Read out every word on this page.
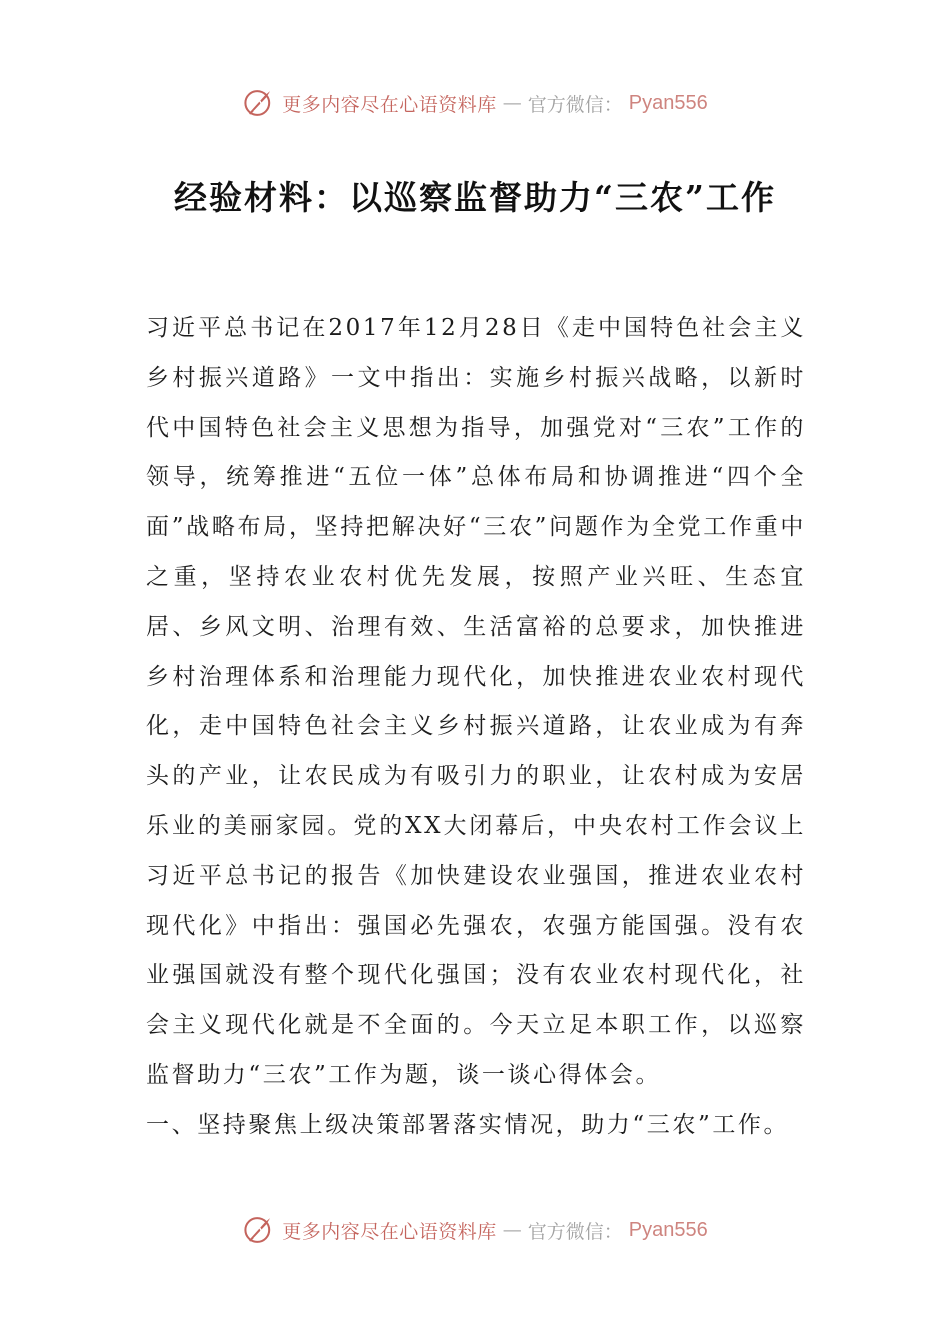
更多内容尽在心语资料库 — 官方微信： Pyan556
经验材料：以巡察监督助力“三农”工作

习近平总书记在2017年12月28日《走中国特色社会主义乡村振兴道路》一文中指出：实施乡村振兴战略，以新时代中国特色社会主义思想为指导，加强党对“三农”工作的领导，统筹推进“五位一体”总体布局和协调推进“四个全面”战略布局，坚持把解决好“三农”问题作为全党工作重中之重，坚持农业农村优先发展，按照产业兴旺、生态宜居、乡风文明、治理有效、生活富裕的总要求，加快推进乡村治理体系和治理能力现代化，加快推进农业农村现代化，走中国特色社会主义乡村振兴道路，让农业成为有奔头的产业，让农民成为有吸引力的职业，让农村成为安居乐业的美丽家园。党的XX大闭幕后，中央农村工作会议上习近平总书记的报告《加快建设农业强国，推进农业农村现代化》中指出：强国必先强农，农强方能国强。没有农业强国就没有整个现代化强国；没有农业农村现代化，社会主义现代化就是不全面的。今天立足本职工作，以巡察监督助力“三农”工作为题，谈一谈心得体会。

一、坚持聚焦上级决策部署落实情况，助力“三农”工作。

更多内容尽在心语资料库 — 官方微信： Pyan556
